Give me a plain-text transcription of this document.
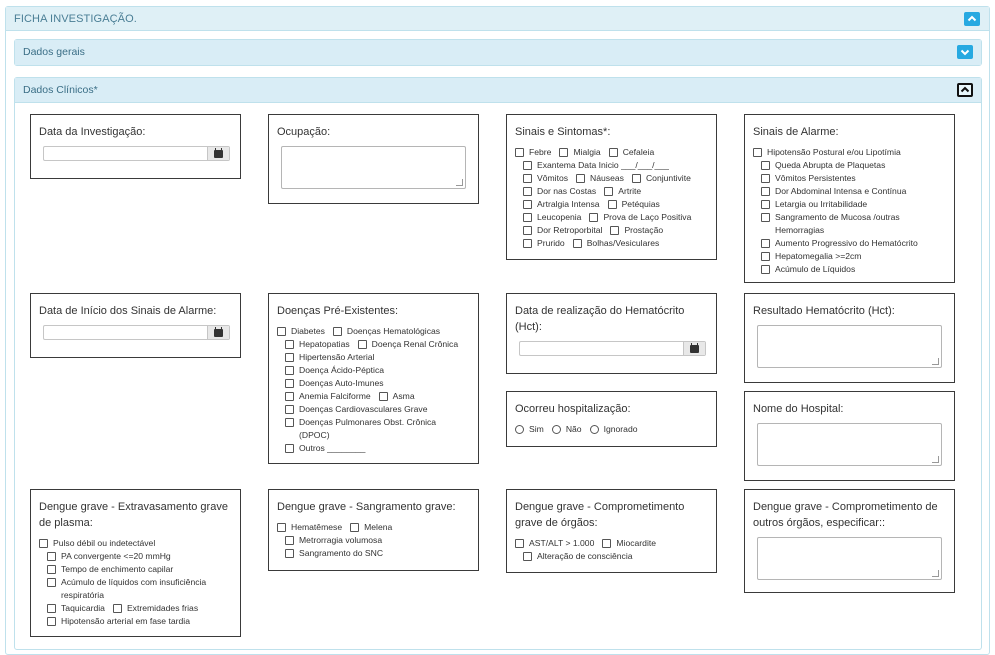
FICHA INVESTIGAÇÃO.
Dados gerais
Dados Clínicos*
Data da Investigação:	Ocupação:	Sinais e Sintomas*:
Febre	Mialgia	Cefaleia
Exantema Data Inicio ___/___/___
Vômitos	Náuseas	Conjuntivite
Dor nas Costas	Artrite
Artralgia Intensa	Petéquias
Leucopenia	Prova de Laço Positiva
Dor Retroporbital	Prostação
Prurido	Bolhas/Vesiculares
Sinais de Alarme:
Hipotensão Postural e/ou Lipotímia
Queda Abrupta de Plaquetas
Vômitos Persistentes
Dor Abdominal Intensa e Contínua
Letargia ou Irritabilidade
Sangramento de Mucosa /outras
Hemorragias
Aumento Progressivo do Hematócrito
Hepatomegalia >=2cm
Acúmulo de Líquidos
Data de Início dos Sinais de Alarme:	Doenças Pré-Existentes:
Diabetes	Doenças Hematológicas
Hepatopatias	Doença Renal Crônica
Hipertensão Arterial
Doença Ácido-Péptica
Doenças Auto-Imunes
Anemia Falciforme	Asma
Doenças Cardiovasculares Grave
Doenças Pulmonares Obst. Crônica
(DPOC)
Outros ________
Data de realização do Hematócrito (Hct):
Resultado Hematócrito (Hct):
Ocorreu hospitalização:
Sim	Não	Ignorado
Nome do Hospital:
Dengue grave - Extravasamento grave de plasma:
Pulso débil ou indetectável
PA convergente <=20 mmHg
Tempo de enchimento capilar
Acúmulo de líquidos com insuficiência
respiratória
Taquicardia	Extremidades frias
Hipotensão arterial em fase tardia
Dengue grave - Sangramento grave:
Hematêmese	Melena
Metrorragia volumosa
Sangramento do SNC
Dengue grave - Comprometimento grave de órgãos:
AST/ALT > 1.000	Miocardite
Alteração de consciência
Dengue grave - Comprometimento de outros órgãos, especificar::
